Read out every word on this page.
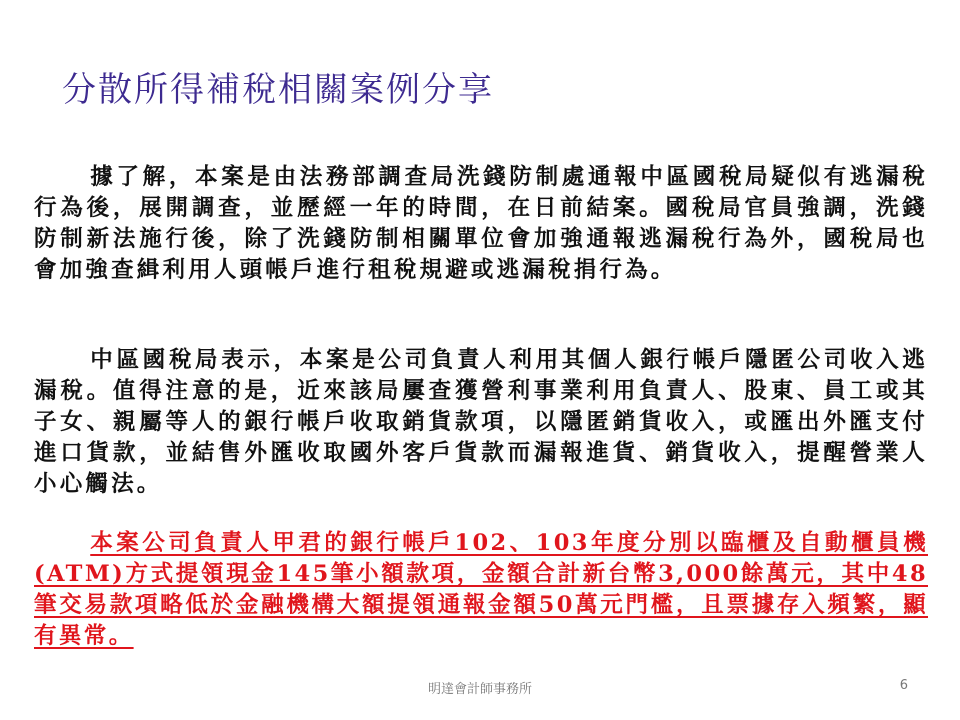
分散所得補稅相關案例分享

據了解，本案是由法務部調查局洗錢防制處通報中區國稅局疑似有逃漏稅行為後，展開調查，並歷經一年的時間，在日前結案。國稅局官員強調，洗錢防制新法施行後，除了洗錢防制相關單位會加強通報逃漏稅行為外，國稅局也會加強查緝利用人頭帳戶進行租稅規避或逃漏稅捐行為。

中區國稅局表示，本案是公司負責人利用其個人銀行帳戶隱匿公司收入逃漏稅。值得注意的是，近來該局屢查獲營利事業利用負責人、股東、員工或其子女、親屬等人的銀行帳戶收取銷貨款項，以隱匿銷貨收入，或匯出外匯支付進口貨款，並結售外匯收取國外客戶貨款而漏報進貨、銷貨收入，提醒營業人小心觸法。

本案公司負責人甲君的銀行帳戶102、103年度分別以臨櫃及自動櫃員機 (ATM)方式提領現金145筆小額款項，金額合計新台幣3,000餘萬元，其中48筆交易款項略低於金融機構大額提領通報金額50萬元門檻，且票據存入頻繁，顯有異常。

明達會計師事務所	6
